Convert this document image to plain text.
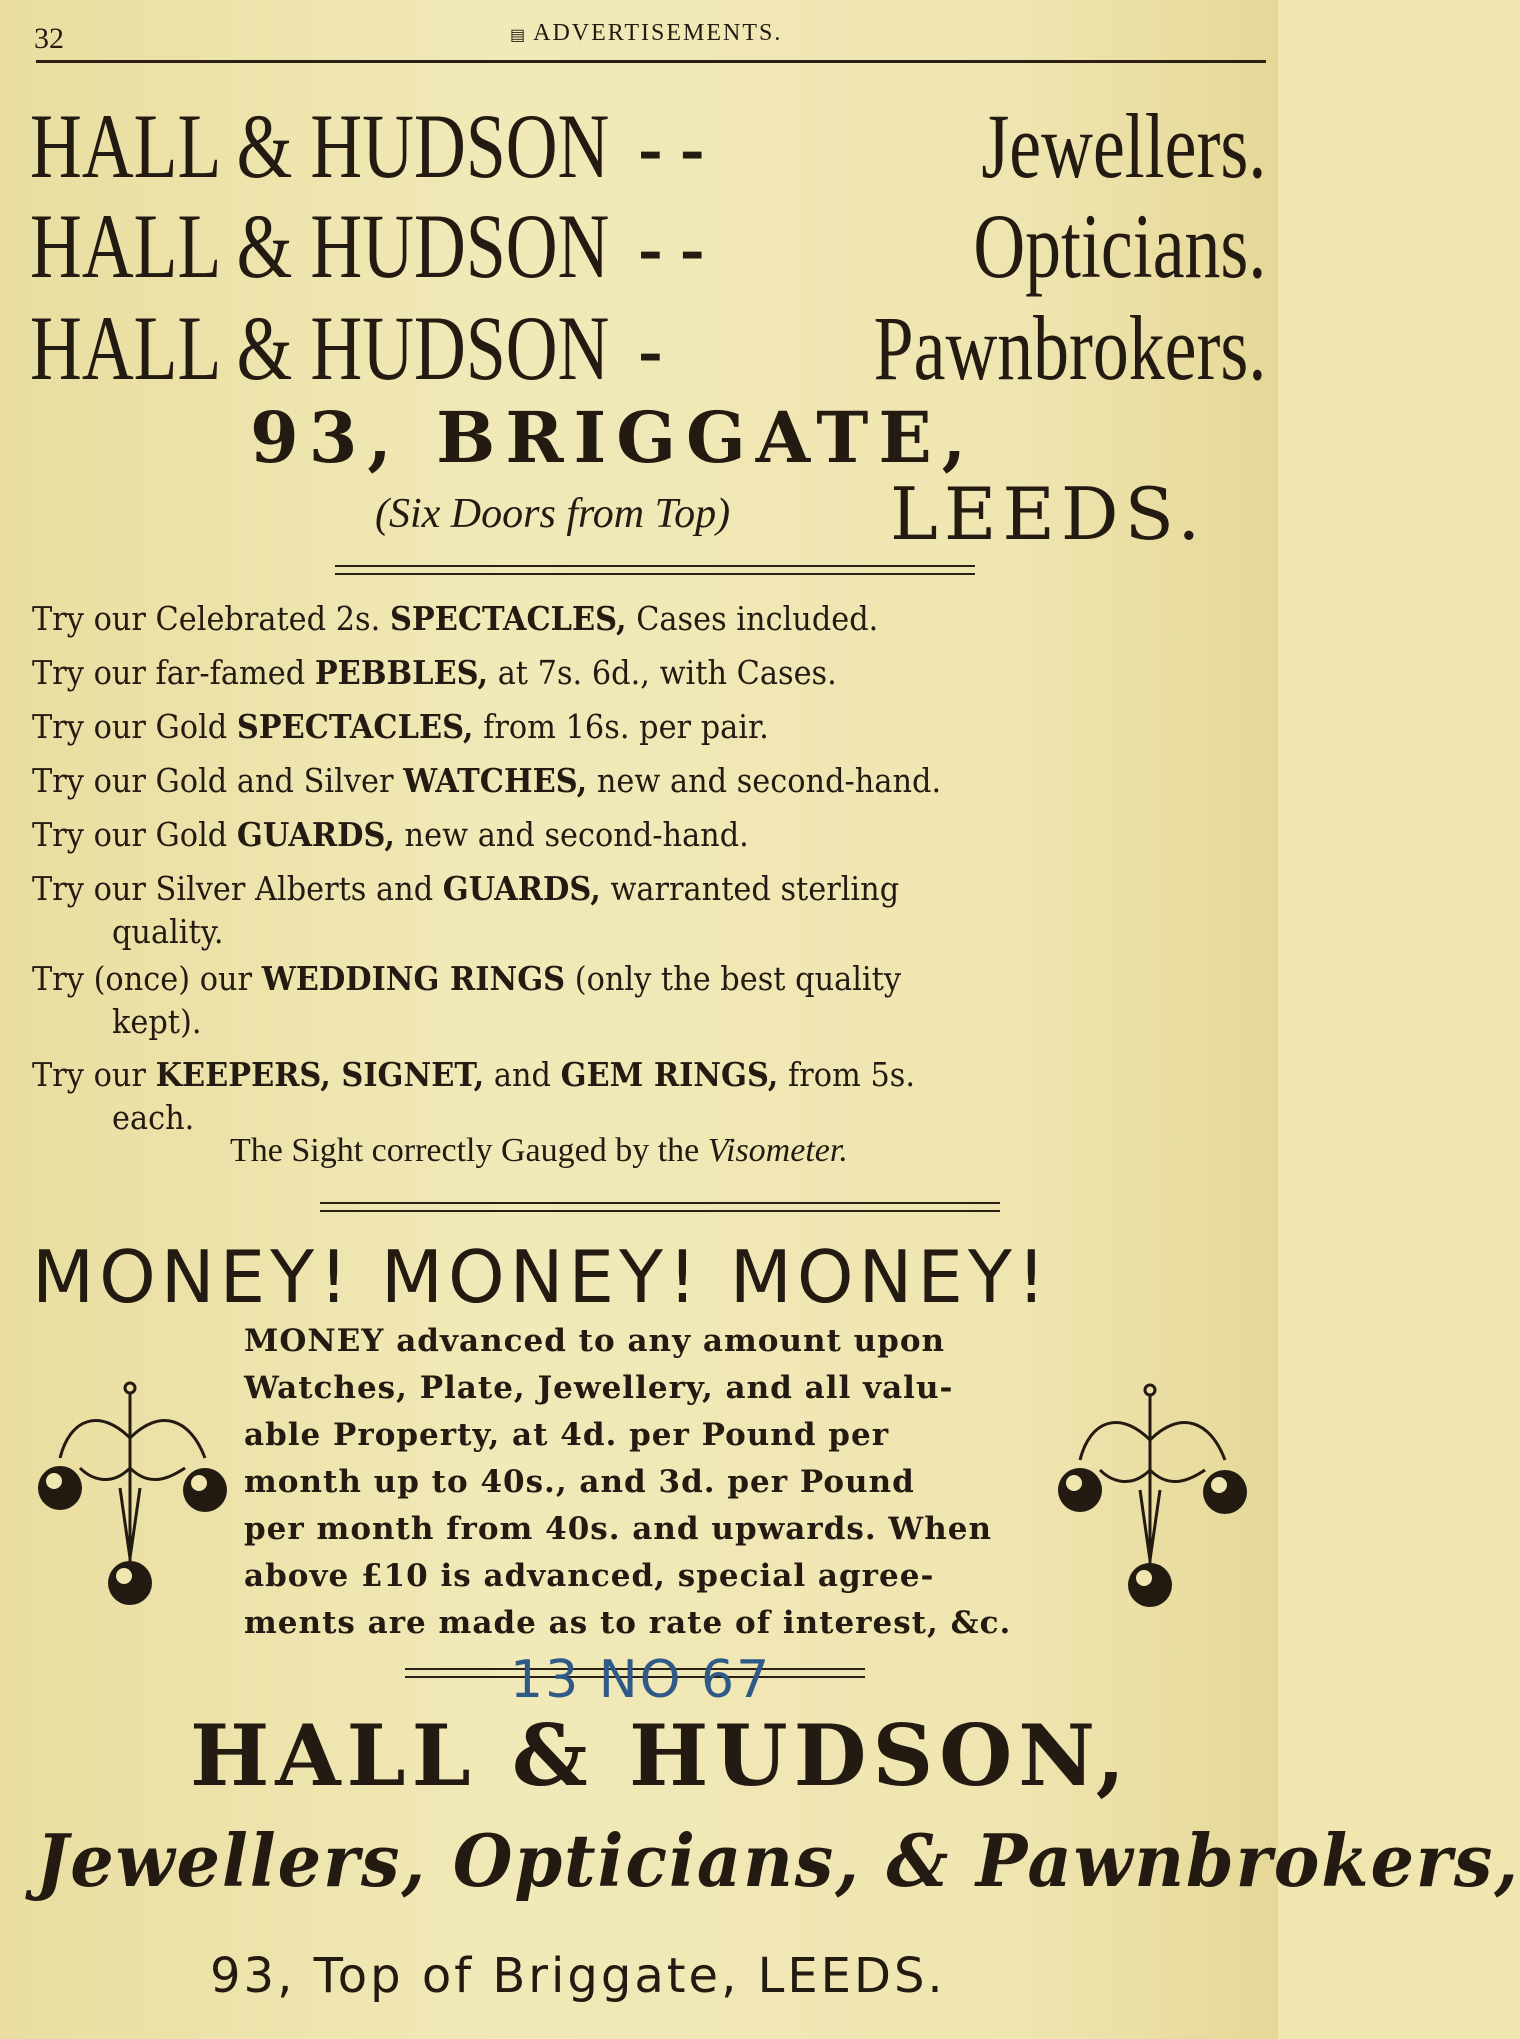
32	▤ ADVERTISEMENTS.
HALL & HUDSON - -	Jewellers.
HALL & HUDSON - -	Opticians.
HALL & HUDSON - Pawnbrokers.
93, BRIGGATE,
(Six Doors from Top) LEEDS.
Try our Celebrated 2s. SPECTACLES, Cases included.
Try our far-famed PEBBLES, at 7s. 6d., with Cases.
Try our Gold SPECTACLES, from 16s. per pair.
Try our Gold and Silver WATCHES, new and second-hand.
Try our Gold GUARDS, new and second-hand.
Try our Silver Alberts and GUARDS, warranted sterling
quality.
Try (once) our WEDDING RINGS (only the best quality
kept).
Try our KEEPERS, SIGNET, and GEM RINGS, from 5s.
each.
The Sight correctly Gauged by the Visometer.
MONEY! MONEY! MONEY!
MONEY advanced to any amount upon
Watches, Plate, Jewellery, and all valu-
able Property, at 4d. per Pound per
month up to 40s., and 3d. per Pound
per month from 40s. and upwards. When
above £10 is advanced, special agree-
ments are made as to rate of interest, &c.
13 NO 67
HALL & HUDSON,
Jewellers, Opticians, & Pawnbrokers,
93, Top of Briggate, LEEDS.
